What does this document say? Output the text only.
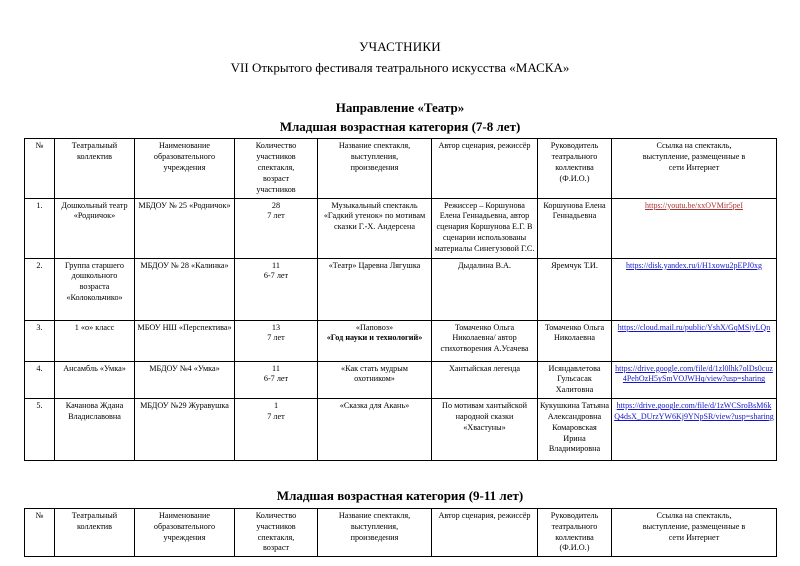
УЧАСТНИКИ
VII Открытого фестиваля театрального искусства «МАСКА»
Направление «Театр»
Младшая возрастная категория (7-8 лет)
№	Театральный
коллектив	Наименование
образовательного
учреждения	Количество
участников
спектакля,
возраст
участников	Название спектакля,
выступления,
произведения	Автор сценария, режиссёр	Руководитель
театрального
коллектива
(Ф.И.О.)	Ссылка на спектакль,
выступление, размещенные в
сети Интернет

1.	Дошкольный театр «Родничок»	МБДОУ № 25 «Родничок»	28
7 лет	Музыкальный спектакль «Гадкий утенок» по мотивам сказки Г.-Х. Андерсена	Режиссер – Коршунова Елена Геннадьевна, автор сценария Коршунова Е.Г. В сценарии использованы материалы Синегузовой Г.С.	Коршунова Елена Геннадьевна	https://youtu.be/xxOVMir5peI
2.	Группа старшего дошкольного возраста «Колокольчико»	МБДОУ № 28 «Калинка»	11
6-7 лет	«Театр» Царевна Лягушка	Дыдалина В.А.	Яремчук Т.И.	https://disk.yandex.ru/i/H1xowu2pEPJ0xg
3.	1 «о» класс	МБОУ НШ «Перспектива»	13
7 лет	«Паповоз»
«Год науки и технологий»	Томаченко Ольга Николаевна/ автор стихотворения А.Усачева	Томаченко Ольга Николаевна	https://cloud.mail.ru/public/YshX/GqMSiyLQn
4.	Ансамбль «Умка»	МБДОУ №4 «Умка»	11
6-7 лет	«Как стать мудрым охотником»	Хантыйская легенда	Исяндавлетова Гульсасак Халитовна	https://drive.google.com/file/d/1zl0lhk7olDs0cuz4PehOzH5ySmVOJWHq/view?usp=sharing
5.	Качанова Ждана Владиславовна	МБДОУ №29 Журавушка	1
7 лет	«Сказка для Акань»	По мотивам хантыйской народной сказки «Хвастуны»	Кукушкина Татьяна Александровна Комаровская Ирина Владимировна	https://drive.google.com/file/d/1zWCSroBsM6kQ4dsX_DUrzYW6Kj9YNpSR/view?usp=sharing
Младшая возрастная категория (9-11 лет)
№	Театральный
коллектив

Наименование
образовательного
учреждения

Количество
участников
спектакля,
возраст

Название спектакля,
выступления,
произведения

Автор сценария, режиссёр	Руководитель
театрального
коллектива
(Ф.И.О.)

Ссылка на спектакль,
выступление, размещенные в
сети Интернет
